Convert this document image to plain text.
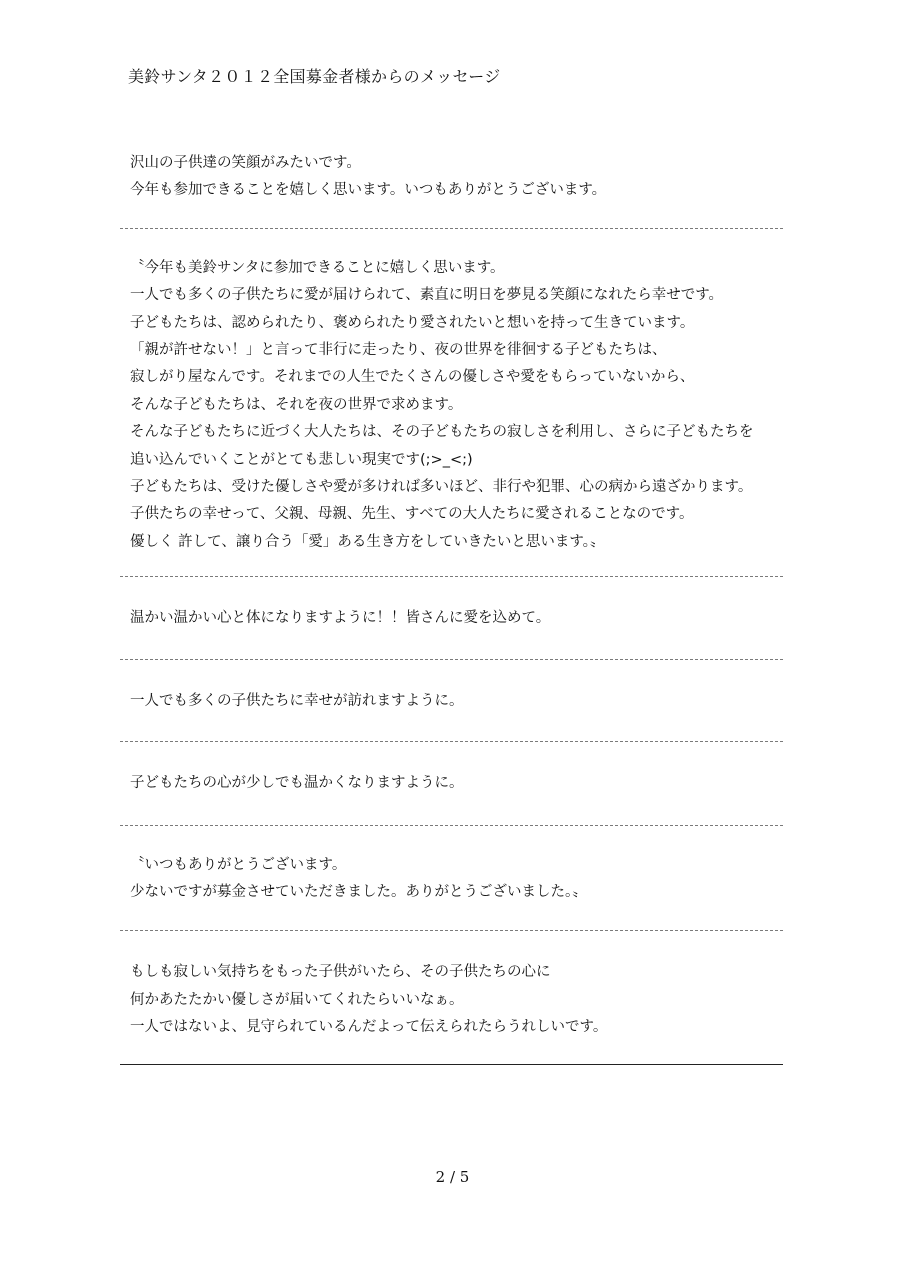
美鈴サンタ２０１２全国募金者様からのメッセージ
沢山の子供達の笑顔がみたいです。
今年も参加できることを嬉しく思います。いつもありがとうございます。
〝今年も美鈴サンタに参加できることに嬉しく思います。
一人でも多くの子供たちに愛が届けられて、素直に明日を夢見る笑顔になれたら幸せです。
子どもたちは、認められたり、褒められたり愛されたいと想いを持って生きています。
「親が許せない！」と言って非行に走ったり、夜の世界を徘徊する子どもたちは、
寂しがり屋なんです。それまでの人生でたくさんの優しさや愛をもらっていないから、
そんな子どもたちは、それを夜の世界で求めます。
そんな子どもたちに近づく大人たちは、その子どもたちの寂しさを利用し、さらに子どもたちを
追い込んでいくことがとても悲しい現実です(;>_<;)
子どもたちは、受けた優しさや愛が多ければ多いほど、非行や犯罪、心の病から遠ざかります。
子供たちの幸せって、父親、母親、先生、すべての大人たちに愛されることなのです。
優しく 許して、譲り合う「愛」ある生き方をしていきたいと思います。〟
温かい温かい心と体になりますように！！皆さんに愛を込めて。
一人でも多くの子供たちに幸せが訪れますように。
子どもたちの心が少しでも温かくなりますように。
〝いつもありがとうございます。
少ないですが募金させていただきました。ありがとうございました。〟
もしも寂しい気持ちをもった子供がいたら、その子供たちの心に
何かあたたかい優しさが届いてくれたらいいなぁ。
一人ではないよ、見守られているんだよって伝えられたらうれしいです。
2 / 5
